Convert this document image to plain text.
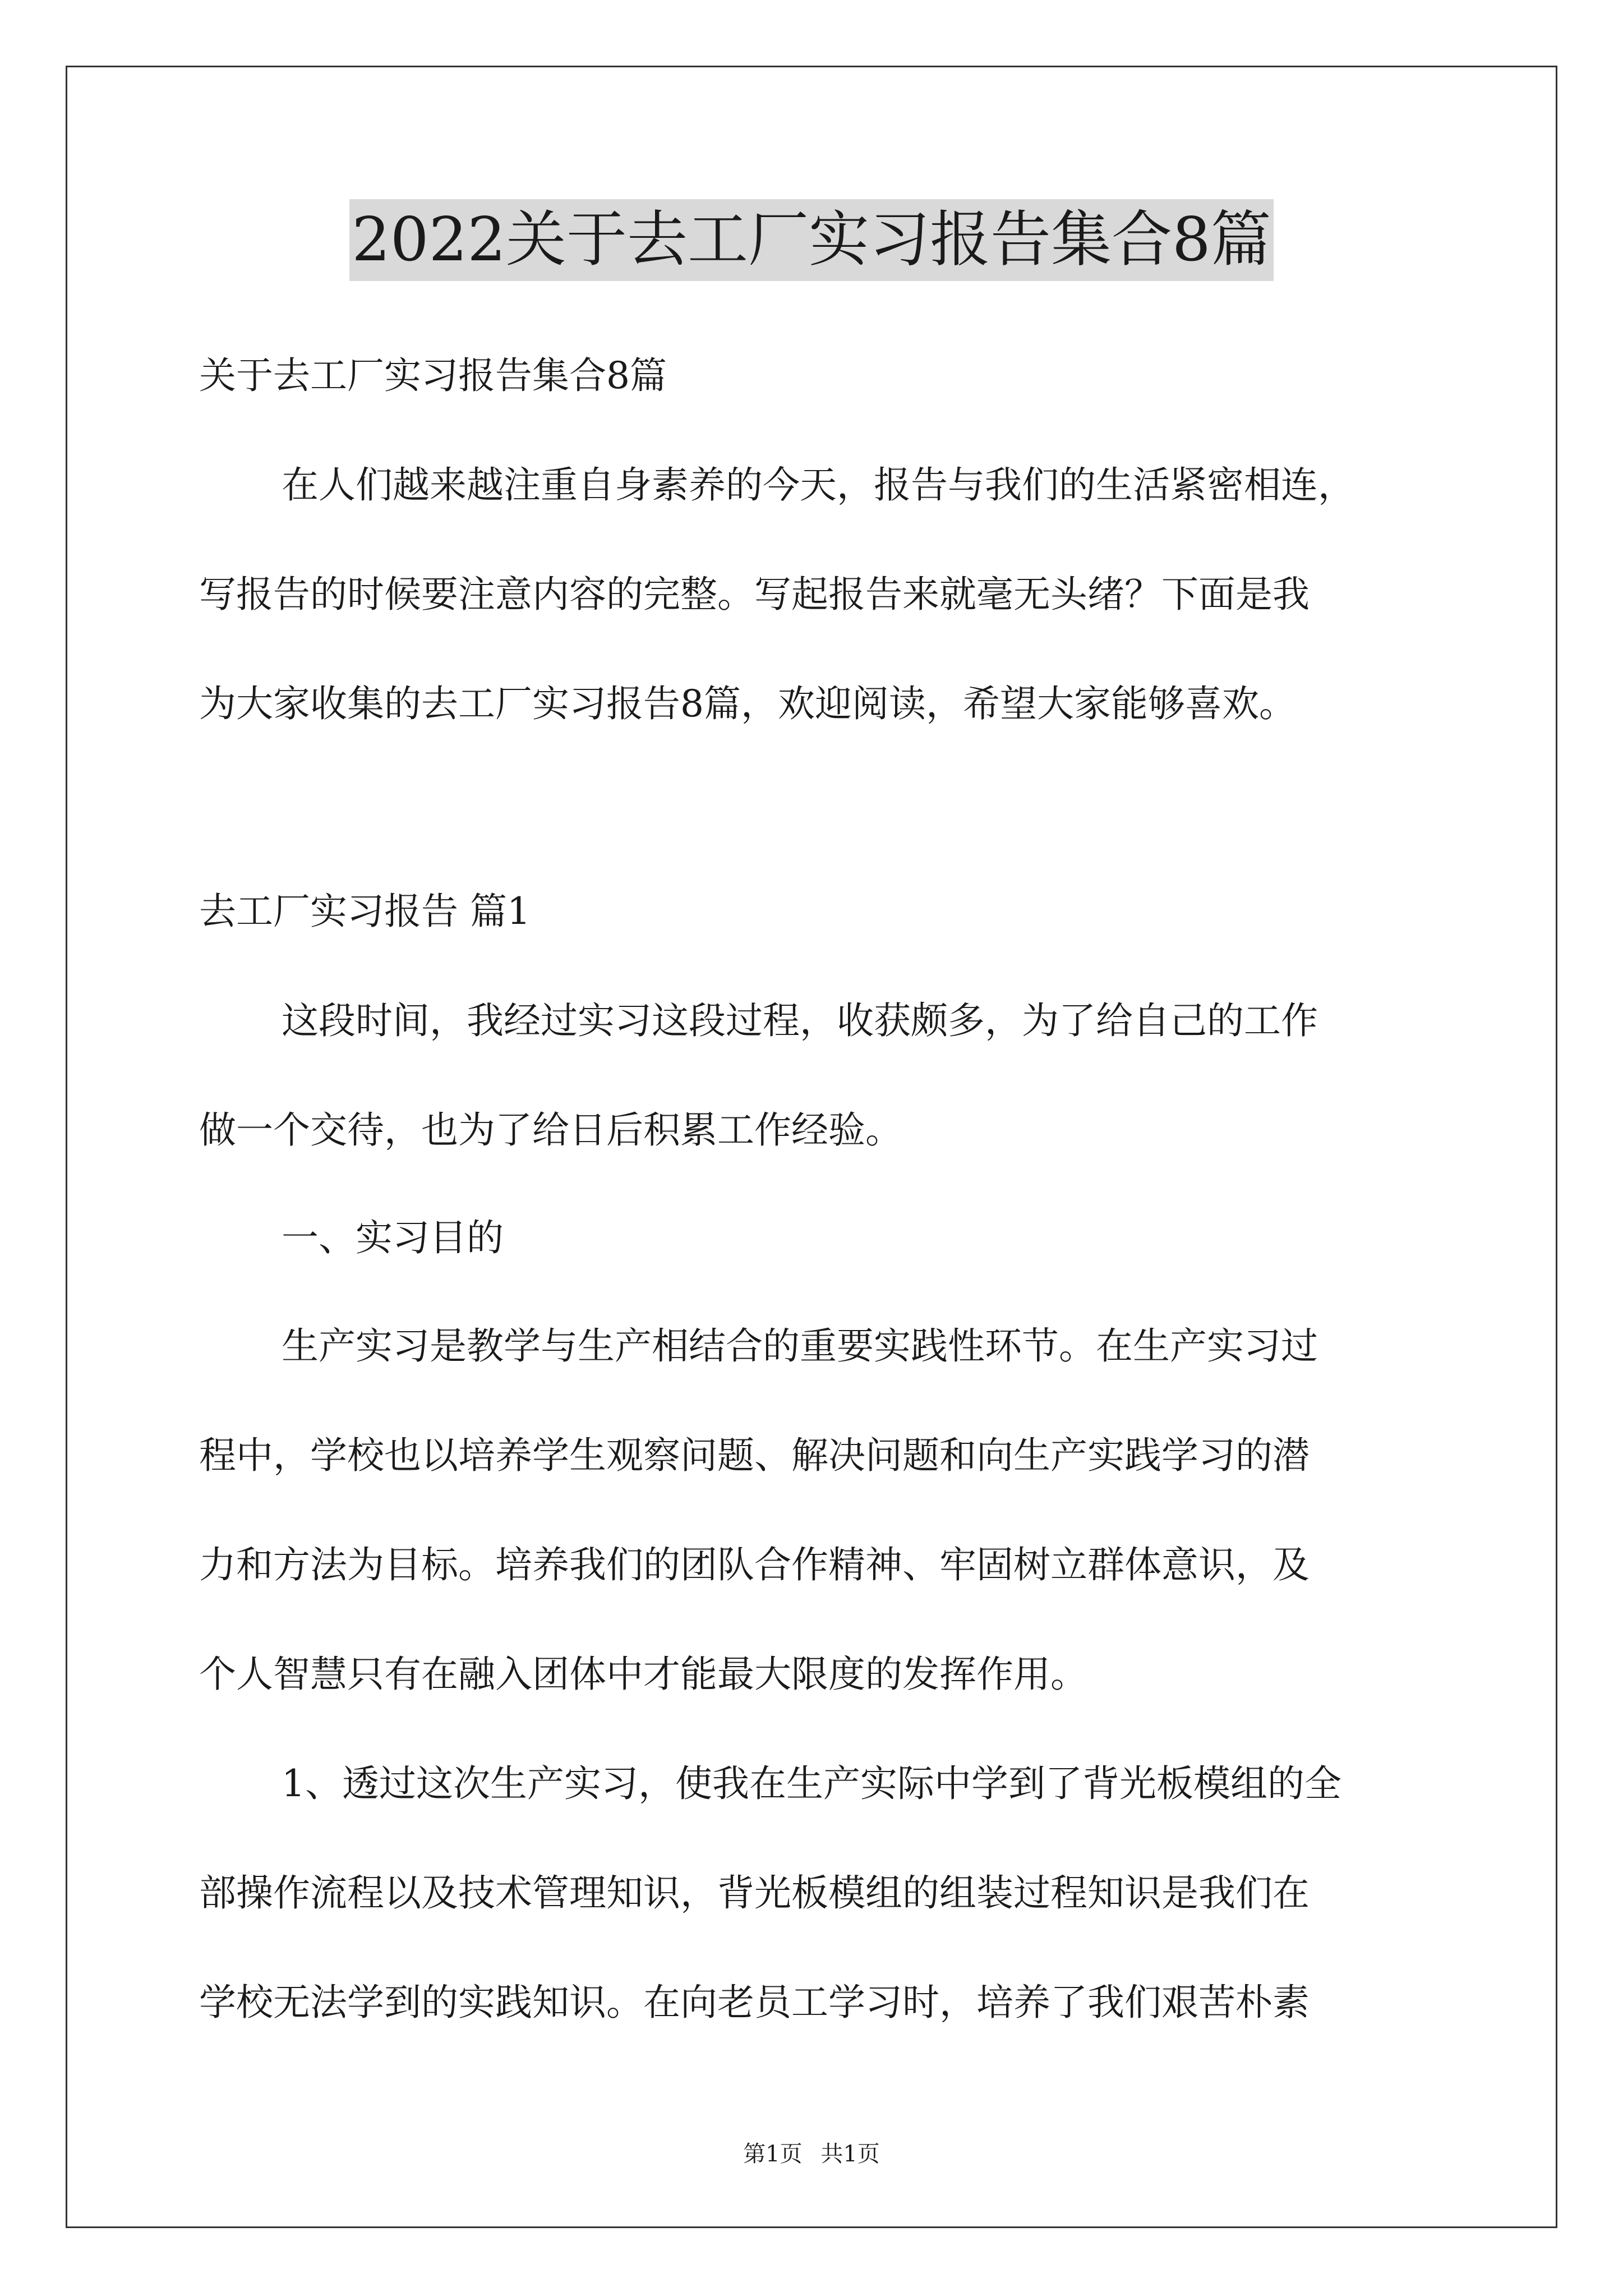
2022关于去工厂实习报告集合8篇
关于去工厂实习报告集合8篇
在人们越来越注重自身素养的今天，报告与我们的生活紧密相连，
写报告的时候要注意内容的完整。写起报告来就毫无头绪？下面是我
为大家收集的去工厂实习报告8篇，欢迎阅读，希望大家能够喜欢。
去工厂实习报告 篇1
这段时间，我经过实习这段过程，收获颇多，为了给自己的工作
做一个交待，也为了给日后积累工作经验。
一、实习目的
生产实习是教学与生产相结合的重要实践性环节。在生产实习过
程中，学校也以培养学生观察问题、解决问题和向生产实践学习的潜
力和方法为目标。培养我们的团队合作精神、牢固树立群体意识，及
个人智慧只有在融入团体中才能最大限度的发挥作用。
1、透过这次生产实习，使我在生产实际中学到了背光板模组的全
部操作流程以及技术管理知识，背光板模组的组装过程知识是我们在
学校无法学到的实践知识。在向老员工学习时，培养了我们艰苦朴素
第1页 共1页
